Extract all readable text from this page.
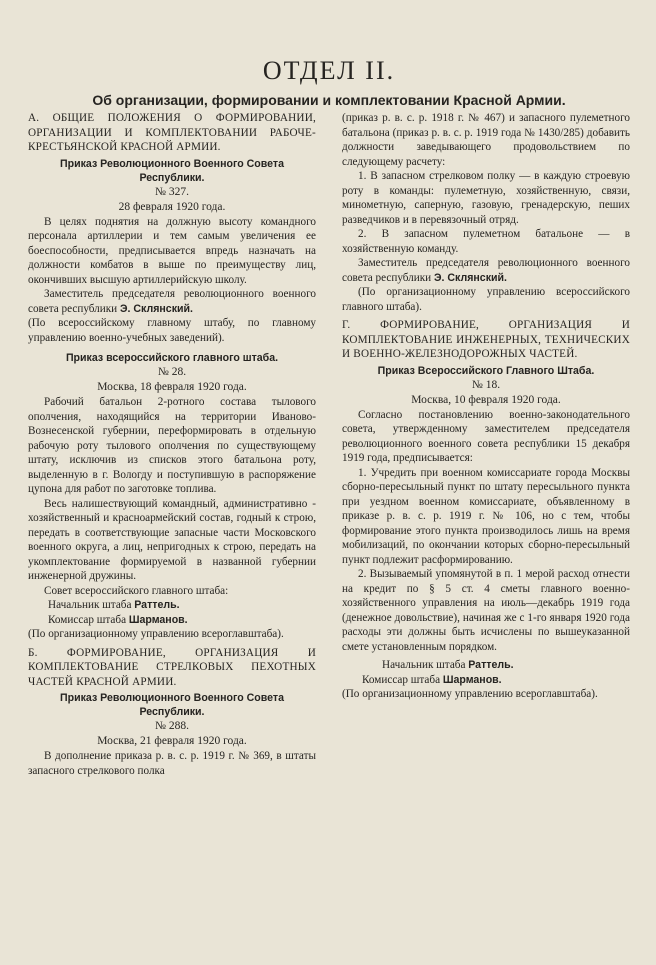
ОТДЕЛ II.
Об организации, формировании и комплектовании Красной Армии.

А. ОБЩИЕ ПОЛОЖЕНИЯ О ФОРМИРОВАНИИ, ОРГАНИЗАЦИИ И КОМПЛЕКТОВАНИИ РАБОЧЕ-КРЕСТЬЯНСКОЙ КРАСНОЙ АРМИИ.

Приказ Революционного Военного Совета Республики.
№ 327.
28 февраля 1920 года.

В целях поднятия на должную высоту командного персонала артиллерии и тем самым увеличения ее боеспособности, предписывается впредь назначать на должности комбатов в выше по преимуществу лиц, окончивших высшую артиллерийскую школу.

Заместитель председателя революционного военного совета республики Э. Склянский.

(По всероссийскому главному штабу, по главному управлению военно-учебных заведений).

Приказ всероссийского главного штаба.
№ 28.
Москва, 18 февраля 1920 года.

Рабочий батальон 2-ротного состава тылового ополчения, находящийся на территории Иваново-Вознесенской губернии, переформировать в отдельную рабочую роту тылового ополчения по существующему штату, исключив из списков этого батальона роту, выделенную в г. Вологду и поступившую в распоряжение цупона для работ по заготовке топлива.

Весь налишествующий командный, административно - хозяйственный и красноармейский состав, годный к строю, передать в соответствующие запасные части Московского военного округа, а лиц, непригодных к строю, передать на укомплектование формируемой в названной губернии инженерной дружины.

Совет всероссийского главного штаба:

Начальник штаба Раттель.
Комиссар штаба Шарманов.

(По организационному управлению всероглавштаба).

Б. ФОРМИРОВАНИЕ, ОРГАНИЗАЦИЯ И КОМПЛЕКТОВАНИЕ СТРЕЛКОВЫХ ПЕХОТНЫХ ЧАСТЕЙ КРАСНОЙ АРМИИ.

Приказ Революционного Военного Совета Республики.
№ 288.
Москва, 21 февраля 1920 года.

В дополнение приказа р. в. с. р. 1919 г. № 369, в штаты запасного стрелкового полка

(приказ р. в. с. р. 1918 г. № 467) и запасного пулеметного батальона (приказ р. в. с. р. 1919 года № 1430/285) добавить должности заведывающего продовольствием по следующему расчету:

1. В запасном стрелковом полку — в каждую строевую роту в команды: пулеметную, хозяйственную, связи, минометную, саперную, газовую, гренадерскую, пеших разведчиков и в перевязочный отряд.

2. В запасном пулеметном батальоне — в хозяйственную команду.

Заместитель председателя революционного военного совета республики Э. Склянский.

(По организационному управлению всероссийского главного штаба).

Г. ФОРМИРОВАНИЕ, ОРГАНИЗАЦИЯ И КОМПЛЕКТОВАНИЕ ИНЖЕНЕРНЫХ, ТЕХНИЧЕСКИХ И ВОЕННО-ЖЕЛЕЗНОДОРОЖНЫХ ЧАСТЕЙ.

Приказ Всероссийского Главного Штаба.
№ 18.
Москва, 10 февраля 1920 года.

Согласно постановлению военно-законодательного совета, утвержденному заместителем председателя революционного военного совета республики 15 декабря 1919 года, предписывается:

1. Учредить при военном комиссариате города Москвы сборно-пересыльный пункт по штату пересыльного пункта при уездном военном комиссариате, объявленному в приказе р. в. с. р. 1919 г. № 106, но с тем, чтобы формирование этого пункта производилось лишь на время мобилизаций, по окончании которых сборно-пересыльный пункт подлежит расформированию.

2. Вызываемый упомянутой в п. 1 мерой расход отнести на кредит по § 5 ст. 4 сметы главного военно-хозяйственного управления на июль—декабрь 1919 года (денежное довольствие), начиная же с 1-го января 1920 года расходы эти должны быть исчислены по вышеуказанной смете установленным порядком.

Начальник штаба Раттель.
Комиссар штаба Шарманов.

(По организационному управлению всероглавштаба).
